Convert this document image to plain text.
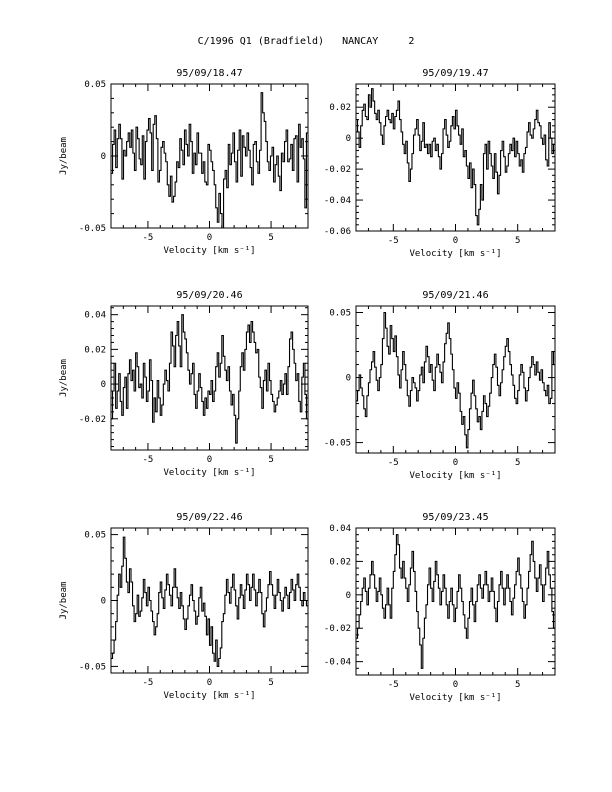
C/1996 Q1 (Bradfield)   NANCAY     2
95/09/18.47
-5	0	5
-0.05
0
0.05
Velocity [km s⁻¹]
Jy/beam
95/09/19.47
-5	0	5
-0.06
-0.04
-0.02
0
0.02
Velocity [km s⁻¹]
95/09/20.46
-5	0	5
-0.02
0
0.02
0.04
Velocity [km s⁻¹]
Jy/beam
95/09/21.46
-5	0	5
-0.05
0
0.05
Velocity [km s⁻¹]
95/09/22.46
-5	0	5
-0.05
0
0.05
Velocity [km s⁻¹]
Jy/beam
95/09/23.45
-5	0	5
-0.04
-0.02
0
0.02
0.04
Velocity [km s⁻¹]
